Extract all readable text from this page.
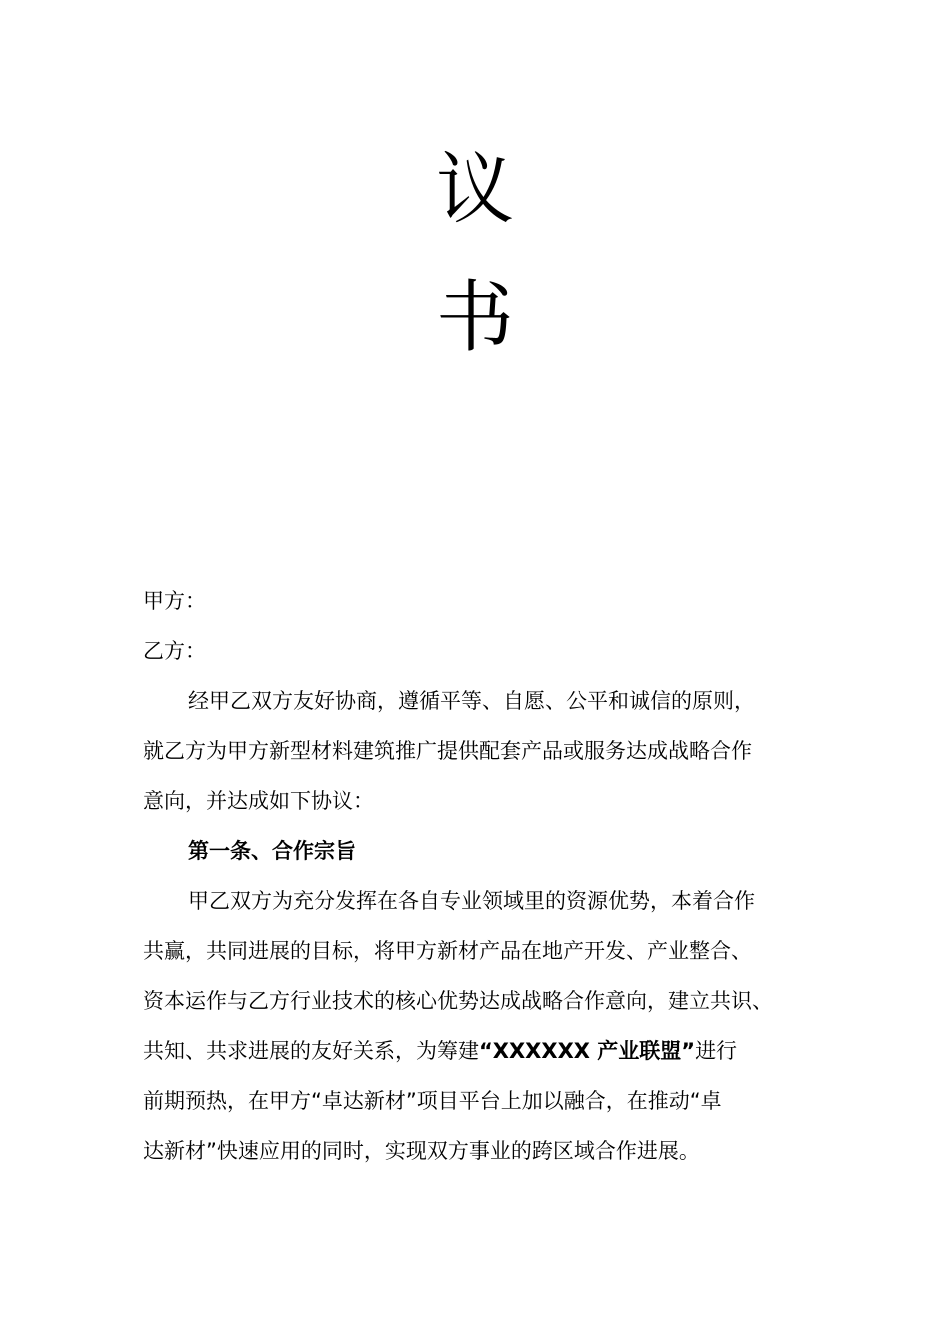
议
书
甲方：
乙方：
经甲乙双方友好协商，遵循平等、自愿、公平和诚信的原则，
就乙方为甲方新型材料建筑推广提供配套产品或服务达成战略合作
意向，并达成如下协议：
第一条、合作宗旨
甲乙双方为充分发挥在各自专业领域里的资源优势，本着合作
共赢，共同进展的目标，将甲方新材产品在地产开发、产业整合、
资本运作与乙方行业技术的核心优势达成战略合作意向，建立共识、
共知、共求进展的友好关系，为筹建“XXXXXX 产业联盟”进行
前期预热，在甲方“卓达新材”项目平台上加以融合，在推动“卓
达新材”快速应用的同时，实现双方事业的跨区域合作进展。
